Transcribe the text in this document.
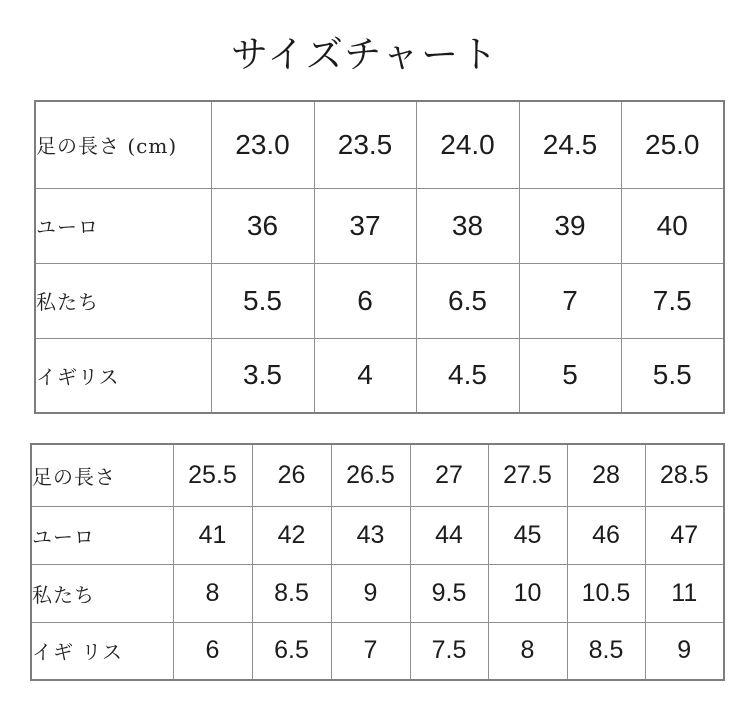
サイズチャート
足の長さ (cm)	23.0	23.5	24.0	24.5	25.0
ユーロ	36	37	38	39	40
私たち	5.5	6	6.5	7	7.5
イギリス	3.5	4	4.5	5	5.5
足の長さ	25.5	26	26.5	27	27.5	28	28.5
ユーロ	41	42	43	44	45	46	47
私たち	8	8.5	9	9.5	10	10.5	11
イギ リス	6	6.5	7	7.5	8	8.5	9
